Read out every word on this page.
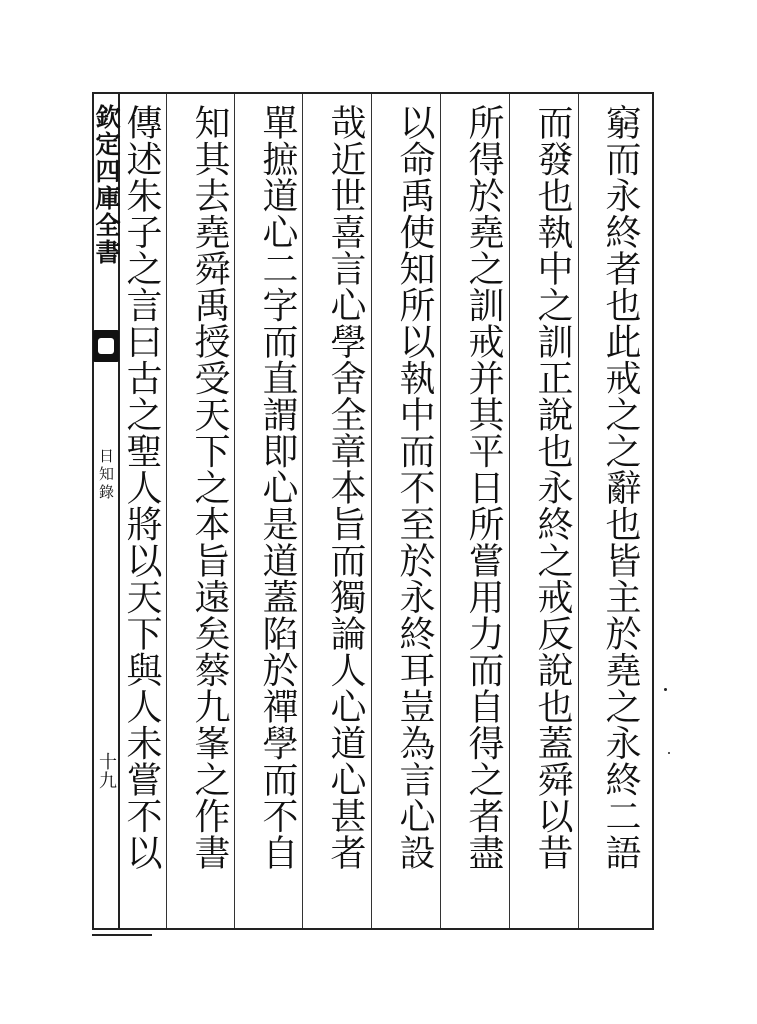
欽定四庫全書
日知錄
十九	窮而永終者也此戒之之辭也皆主於堯之永終二語
而發也執中之訓正說也永終之戒反說也蓋舜以昔
所得於堯之訓戒并其平日所嘗用力而自得之者盡
以命禹使知所以執中而不至於永終耳豈為言心設
哉近世喜言心學舍全章本旨而獨論人心道心甚者
單摭道心二字而直謂即心是道蓋陷於禪學而不自
知其去堯舜禹授受天下之本旨遠矣蔡九峯之作書
傳述朱子之言曰古之聖人將以天下與人未嘗不以
